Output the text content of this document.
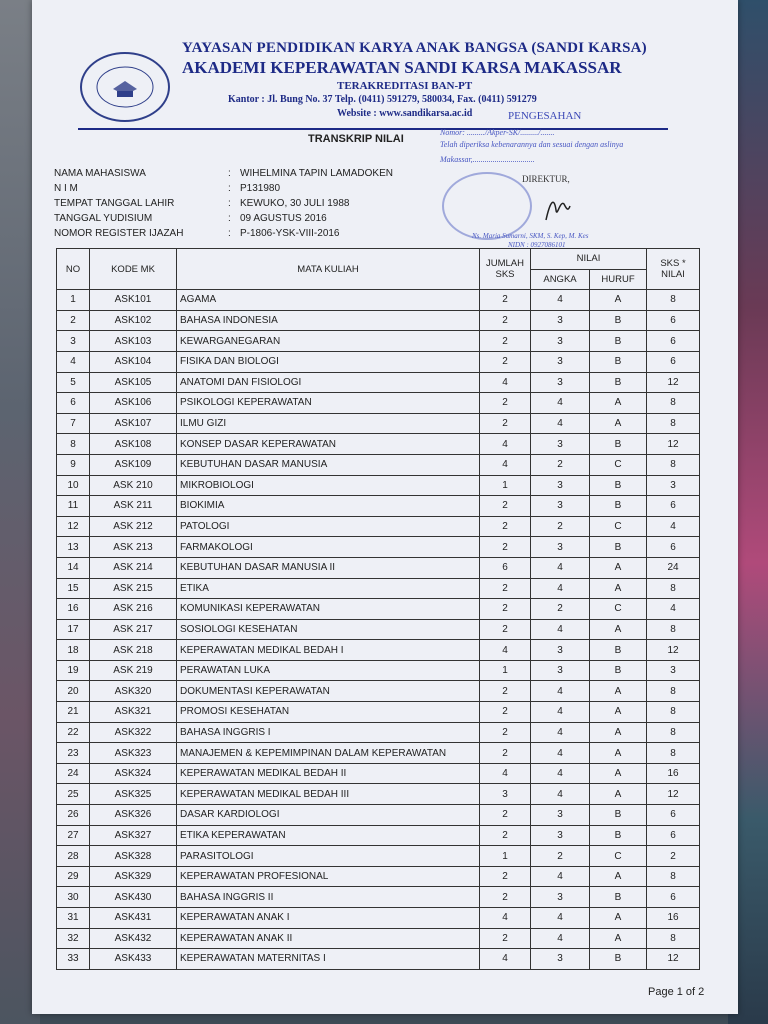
YAYASAN PENDIDIKAN KARYA ANAK BANGSA (SANDI KARSA)
AKADEMI KEPERAWATAN SANDI KARSA MAKASSAR
TERAKREDITASI BAN-PT
Kantor : Jl. Bung No. 37 Telp. (0411) 591279, 580034, Fax. (0411) 591279
Website : www.sandikarsa.ac.id	PENGESAHAN
TRANSKRIP NILAI
Nomor: ........./Akper-SK/........./.......
Telah diperiksa kebenarannya dan sesuai dengan aslinya
Makassar,...............................
DIREKTUR,
Ns. Maria Sumarni, SKM, S. Kep, M. Kes
NIDN : 0927086101
NAMA MAHASISWA	: WIHELMINA TAPIN LAMADOKEN
N I M	: P131980
TEMPAT TANGGAL LAHIR	: KEWUKO, 30 JULI 1988
TANGGAL YUDISIUM	: 09 AGUSTUS 2016
NOMOR REGISTER IJAZAH	: P-1806-YSK-VIII-2016
NO	KODE MK	MATA KULIAH	JUMLAH SKS	NILAI		SKS * NILAI
				ANGKA	HURUF	
1	ASK101	AGAMA	2	4	A	8
2	ASK102	BAHASA INDONESIA	2	3	B	6
3	ASK103	KEWARGANEGARAN	2	3	B	6
4	ASK104	FISIKA DAN BIOLOGI	2	3	B	6
5	ASK105	ANATOMI DAN FISIOLOGI	4	3	B	12
6	ASK106	PSIKOLOGI KEPERAWATAN	2	4	A	8
7	ASK107	ILMU GIZI	2	4	A	8
8	ASK108	KONSEP DASAR KEPERAWATAN	4	3	B	12
9	ASK109	KEBUTUHAN DASAR MANUSIA	4	2	C	8
10	ASK 210	MIKROBIOLOGI	1	3	B	3
11	ASK 211	BIOKIMIA	2	3	B	6
12	ASK 212	PATOLOGI	2	2	C	4
13	ASK 213	FARMAKOLOGI	2	3	B	6
14	ASK 214	KEBUTUHAN DASAR MANUSIA II	6	4	A	24
15	ASK 215	ETIKA	2	4	A	8
16	ASK 216	KOMUNIKASI KEPERAWATAN	2	2	C	4
17	ASK 217	SOSIOLOGI KESEHATAN	2	4	A	8
18	ASK 218	KEPERAWATAN MEDIKAL BEDAH I	4	3	B	12
19	ASK 219	PERAWATAN LUKA	1	3	B	3
20	ASK320	DOKUMENTASI KEPERAWATAN	2	4	A	8
21	ASK321	PROMOSI KESEHATAN	2	4	A	8
22	ASK322	BAHASA INGGRIS I	2	4	A	8
23	ASK323	MANAJEMEN & KEPEMIMPINAN DALAM KEPERAWATAN	2	4	A	8
24	ASK324	KEPERAWATAN MEDIKAL BEDAH II	4	4	A	16
25	ASK325	KEPERAWATAN MEDIKAL BEDAH III	3	4	A	12
26	ASK326	DASAR KARDIOLOGI	2	3	B	6
27	ASK327	ETIKA KEPERAWATAN	2	3	B	6
28	ASK328	PARASITOLOGI	1	2	C	2
29	ASK329	KEPERAWATAN PROFESIONAL	2	4	A	8
30	ASK430	BAHASA INGGRIS II	2	3	B	6
31	ASK431	KEPERAWATAN ANAK I	4	4	A	16
32	ASK432	KEPERAWATAN ANAK II	2	4	A	8
33	ASK433	KEPERAWATAN MATERNITAS I	4	3	B	12
Page 1 of 2
